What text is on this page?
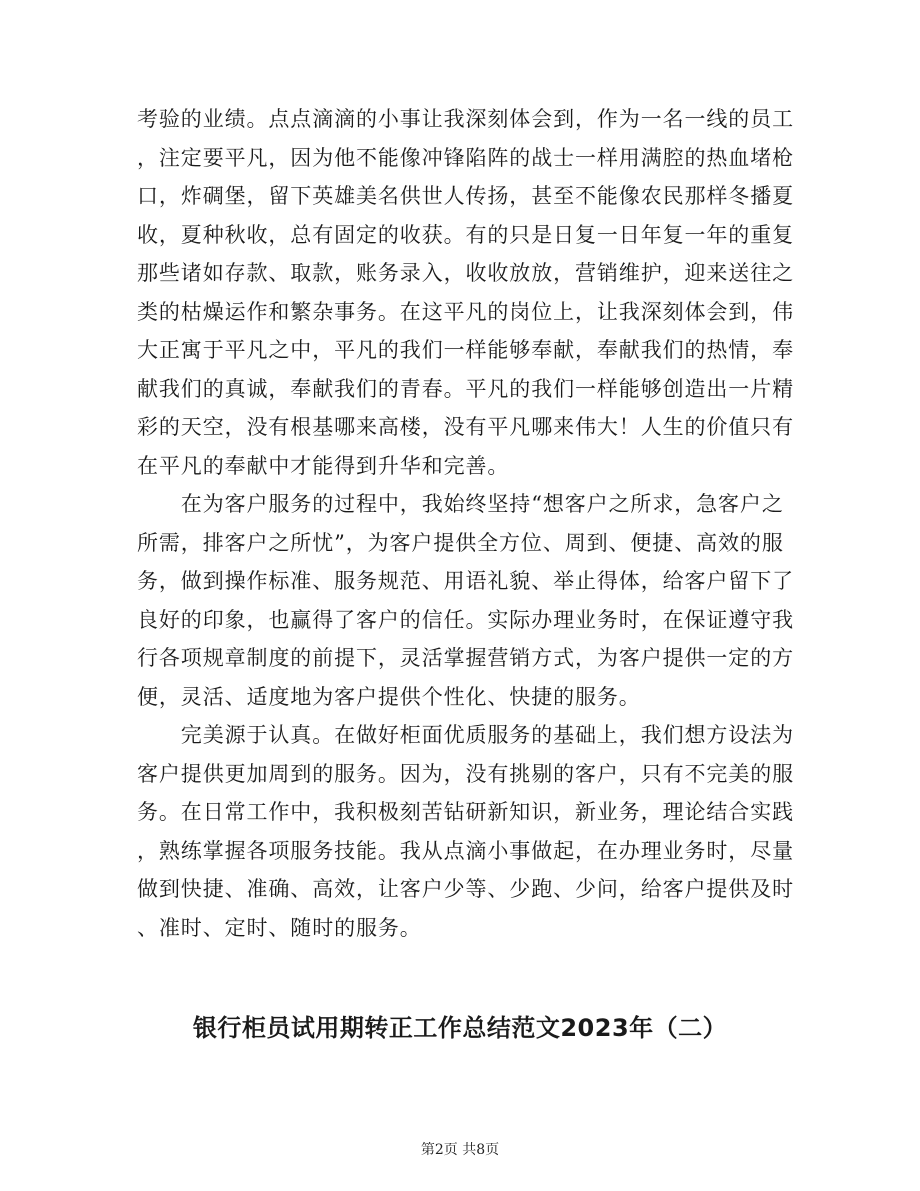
考验的业绩。点点滴滴的小事让我深刻体会到，作为一名一线的员工
，注定要平凡，因为他不能像冲锋陷阵的战士一样用满腔的热血堵枪
口，炸碉堡，留下英雄美名供世人传扬，甚至不能像农民那样冬播夏
收，夏种秋收，总有固定的收获。有的只是日复一日年复一年的重复
那些诸如存款、取款，账务录入，收收放放，营销维护，迎来送往之
类的枯燥运作和繁杂事务。在这平凡的岗位上，让我深刻体会到，伟
大正寓于平凡之中，平凡的我们一样能够奉献，奉献我们的热情，奉
献我们的真诚，奉献我们的青春。平凡的我们一样能够创造出一片精
彩的天空，没有根基哪来高楼，没有平凡哪来伟大！人生的价值只有
在平凡的奉献中才能得到升华和完善。
　　在为客户服务的过程中，我始终坚持“想客户之所求，急客户之
所需，排客户之所忧”，为客户提供全方位、周到、便捷、高效的服
务，做到操作标准、服务规范、用语礼貌、举止得体，给客户留下了
良好的印象，也赢得了客户的信任。实际办理业务时，在保证遵守我
行各项规章制度的前提下，灵活掌握营销方式，为客户提供一定的方
便，灵活、适度地为客户提供个性化、快捷的服务。
　　完美源于认真。在做好柜面优质服务的基础上，我们想方设法为
客户提供更加周到的服务。因为，没有挑剔的客户，只有不完美的服
务。在日常工作中，我积极刻苦钻研新知识，新业务，理论结合实践
，熟练掌握各项服务技能。我从点滴小事做起，在办理业务时，尽量
做到快捷、准确、高效，让客户少等、少跑、少问，给客户提供及时
、准时、定时、随时的服务。
银行柜员试用期转正工作总结范文2023年（二）
第2页 共8页
